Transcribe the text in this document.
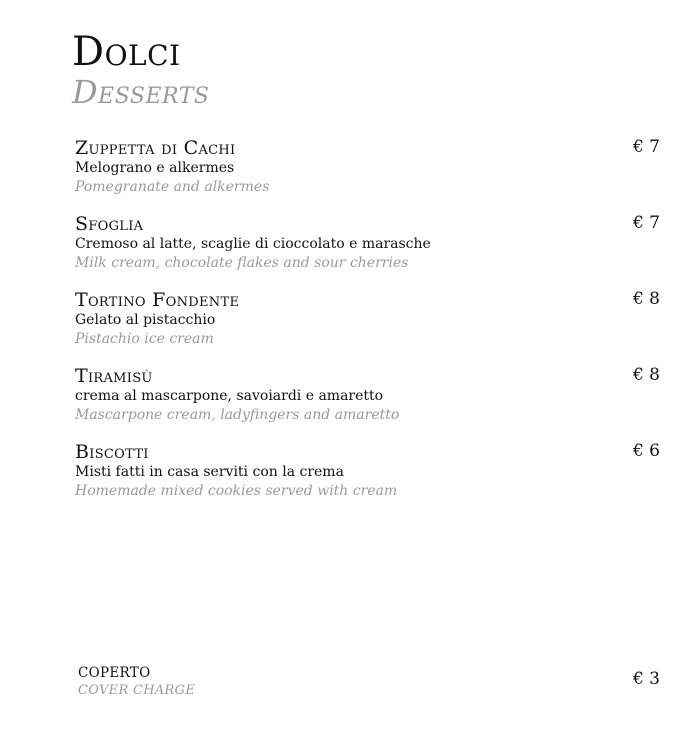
Dolci
Desserts
Zuppetta di Cachi
Melograno e alkermes
Pomegranate and alkermes
€ 7
Sfoglia
Cremoso al latte, scaglie di cioccolato e marasche
Milk cream, chocolate flakes and sour cherries
€ 7
Tortino Fondente
Gelato al pistacchio
Pistachio ice cream
€ 8
Tiramisù
crema al mascarpone, savoiardi e amaretto
Mascarpone cream, ladyfingers and amaretto
€ 8
Biscotti
Misti fatti in casa serviti con la crema
Homemade mixed cookies served with cream
€ 6
COPERTO
COVER CHARGE
€ 3
